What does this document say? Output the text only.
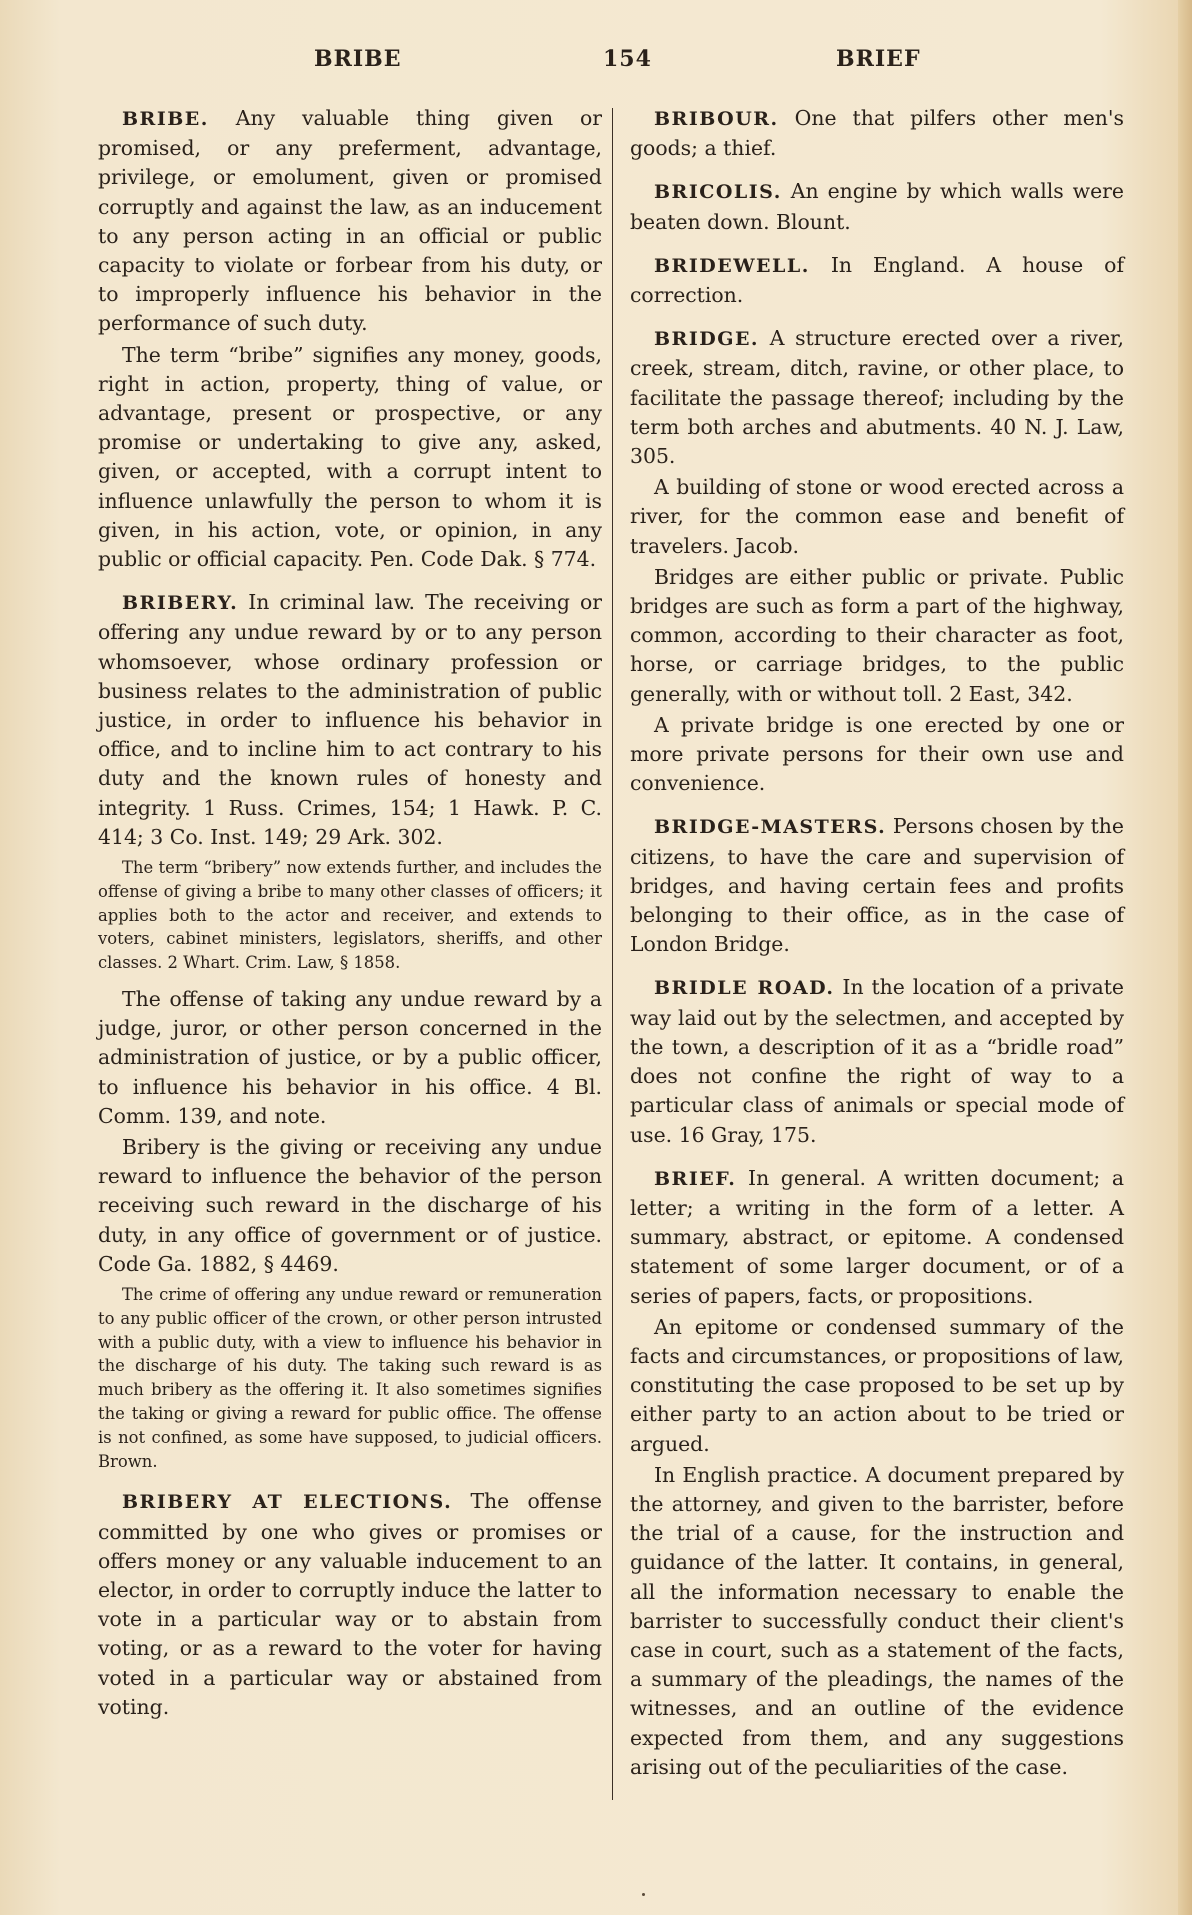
BRIBE	154	BRIEF

BRIBE. Any valuable thing given or promised, or any preferment, advantage, privilege, or emolument, given or promised corruptly and against the law, as an inducement to any person acting in an official or public capacity to violate or forbear from his duty, or to improperly influence his behavior in the performance of such duty.

The term “bribe” signifies any money, goods, right in action, property, thing of value, or advantage, present or prospective, or any promise or undertaking to give any, asked, given, or accepted, with a corrupt intent to influence unlawfully the person to whom it is given, in his action, vote, or opinion, in any public or official capacity. Pen. Code Dak. § 774.

BRIBERY. In criminal law. The receiving or offering any undue reward by or to any person whomsoever, whose ordinary profession or business relates to the administration of public justice, in order to influence his behavior in office, and to incline him to act contrary to his duty and the known rules of honesty and integrity. 1 Russ. Crimes, 154; 1 Hawk. P. C. 414; 3 Co. Inst. 149; 29 Ark. 302.

The term “bribery” now extends further, and includes the offense of giving a bribe to many other classes of officers; it applies both to the actor and receiver, and extends to voters, cabinet ministers, legislators, sheriffs, and other classes. 2 Whart. Crim. Law, § 1858.

The offense of taking any undue reward by a judge, juror, or other person concerned in the administration of justice, or by a public officer, to influence his behavior in his office. 4 Bl. Comm. 139, and note.

Bribery is the giving or receiving any undue reward to influence the behavior of the person receiving such reward in the discharge of his duty, in any office of government or of justice. Code Ga. 1882, § 4469.

The crime of offering any undue reward or remuneration to any public officer of the crown, or other person intrusted with a public duty, with a view to influence his behavior in the discharge of his duty. The taking such reward is as much bribery as the offering it. It also sometimes signifies the taking or giving a reward for public office. The offense is not confined, as some have supposed, to judicial officers. Brown.

BRIBERY AT ELECTIONS. The offense committed by one who gives or promises or offers money or any valuable inducement to an elector, in order to corruptly induce the latter to vote in a particular way or to abstain from voting, or as a reward to the voter for having voted in a particular way or abstained from voting.

BRIBOUR. One that pilfers other men's goods; a thief.

BRICOLIS. An engine by which walls were beaten down. Blount.

BRIDEWELL. In England. A house of correction.

BRIDGE. A structure erected over a river, creek, stream, ditch, ravine, or other place, to facilitate the passage thereof; including by the term both arches and abutments. 40 N. J. Law, 305.

A building of stone or wood erected across a river, for the common ease and benefit of travelers. Jacob.

Bridges are either public or private. Public bridges are such as form a part of the highway, common, according to their character as foot, horse, or carriage bridges, to the public generally, with or without toll. 2 East, 342.

A private bridge is one erected by one or more private persons for their own use and convenience.

BRIDGE-MASTERS. Persons chosen by the citizens, to have the care and supervision of bridges, and having certain fees and profits belonging to their office, as in the case of London Bridge.

BRIDLE ROAD. In the location of a private way laid out by the selectmen, and accepted by the town, a description of it as a “bridle road” does not confine the right of way to a particular class of animals or special mode of use. 16 Gray, 175.

BRIEF. In general. A written document; a letter; a writing in the form of a letter. A summary, abstract, or epitome. A condensed statement of some larger document, or of a series of papers, facts, or propositions.

An epitome or condensed summary of the facts and circumstances, or propositions of law, constituting the case proposed to be set up by either party to an action about to be tried or argued.

In English practice. A document prepared by the attorney, and given to the barrister, before the trial of a cause, for the instruction and guidance of the latter. It contains, in general, all the information necessary to enable the barrister to successfully conduct their client's case in court, such as a statement of the facts, a summary of the pleadings, the names of the witnesses, and an outline of the evidence expected from them, and any suggestions arising out of the peculiarities of the case.
